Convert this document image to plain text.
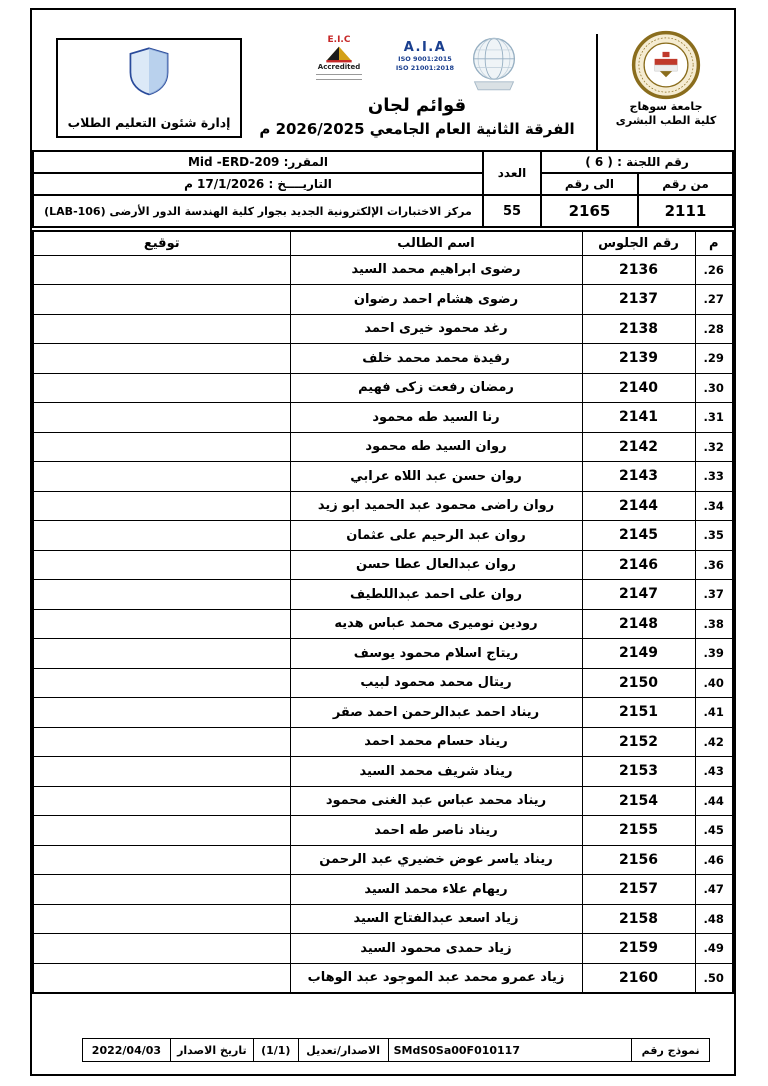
جامعة سوهاج
كلية الطب البشرى
E.I.C
Accredited
A.I.A
ISO 9001:2015
ISO 21001:2018
قوائم لجان
الفرقة الثانية العام الجامعي 2026/2025 م
إدارة شئون التعليم الطلاب
رقم اللجنة : ( 6 )		العدد	المقرر: Mid -ERD-209
من رقم	الى رقم		التاريــــخ : 17/1/2026 م
2111	2165	55	مركز الاختبارات الإلكترونية الجديد بجوار كلية الهندسة الدور الأرضى (LAB-106)
م	رقم الجلوس	اسم الطالب	توقيع
26.	2136	رضوى ابراهيم محمد السيد	
27.	2137	رضوى هشام احمد رضوان	
28.	2138	رغد محمود خيرى احمد	
29.	2139	رفيدة محمد محمد خلف	
30.	2140	رمضان رفعت زكى فهيم	
31.	2141	رنا السيد طه محمود	
32.	2142	روان السيد طه محمود	
33.	2143	روان حسن عبد اللاه عرابي	
34.	2144	روان راضى محمود عبد الحميد ابو زيد	
35.	2145	روان عبد الرحيم على عثمان	
36.	2146	روان عبدالعال عطا حسن	
37.	2147	روان على احمد عبداللطيف	
38.	2148	رودين نوميرى محمد عباس هديه	
39.	2149	ريتاج اسلام محمود يوسف	
40.	2150	ريتال محمد محمود لبيب	
41.	2151	ريناد احمد عبدالرحمن احمد صقر	
42.	2152	ريناد حسام محمد احمد	
43.	2153	ريناد شريف محمد السيد	
44.	2154	ريناد محمد عباس عبد الغنى محمود	
45.	2155	ريناد ناصر طه احمد	
46.	2156	ريناد ياسر عوض خضيري عبد الرحمن	
47.	2157	ريهام علاء محمد السيد	
48.	2158	زياد اسعد عبدالفتاح السيد	
49.	2159	زياد حمدى محمود السيد	
50.	2160	زياد عمرو محمد عبد الموجود عبد الوهاب	
نموذج رقم	SMdS0Sa00F010117	الاصدار/تعديل	(1/1)	تاريخ الاصدار	2022/04/03
